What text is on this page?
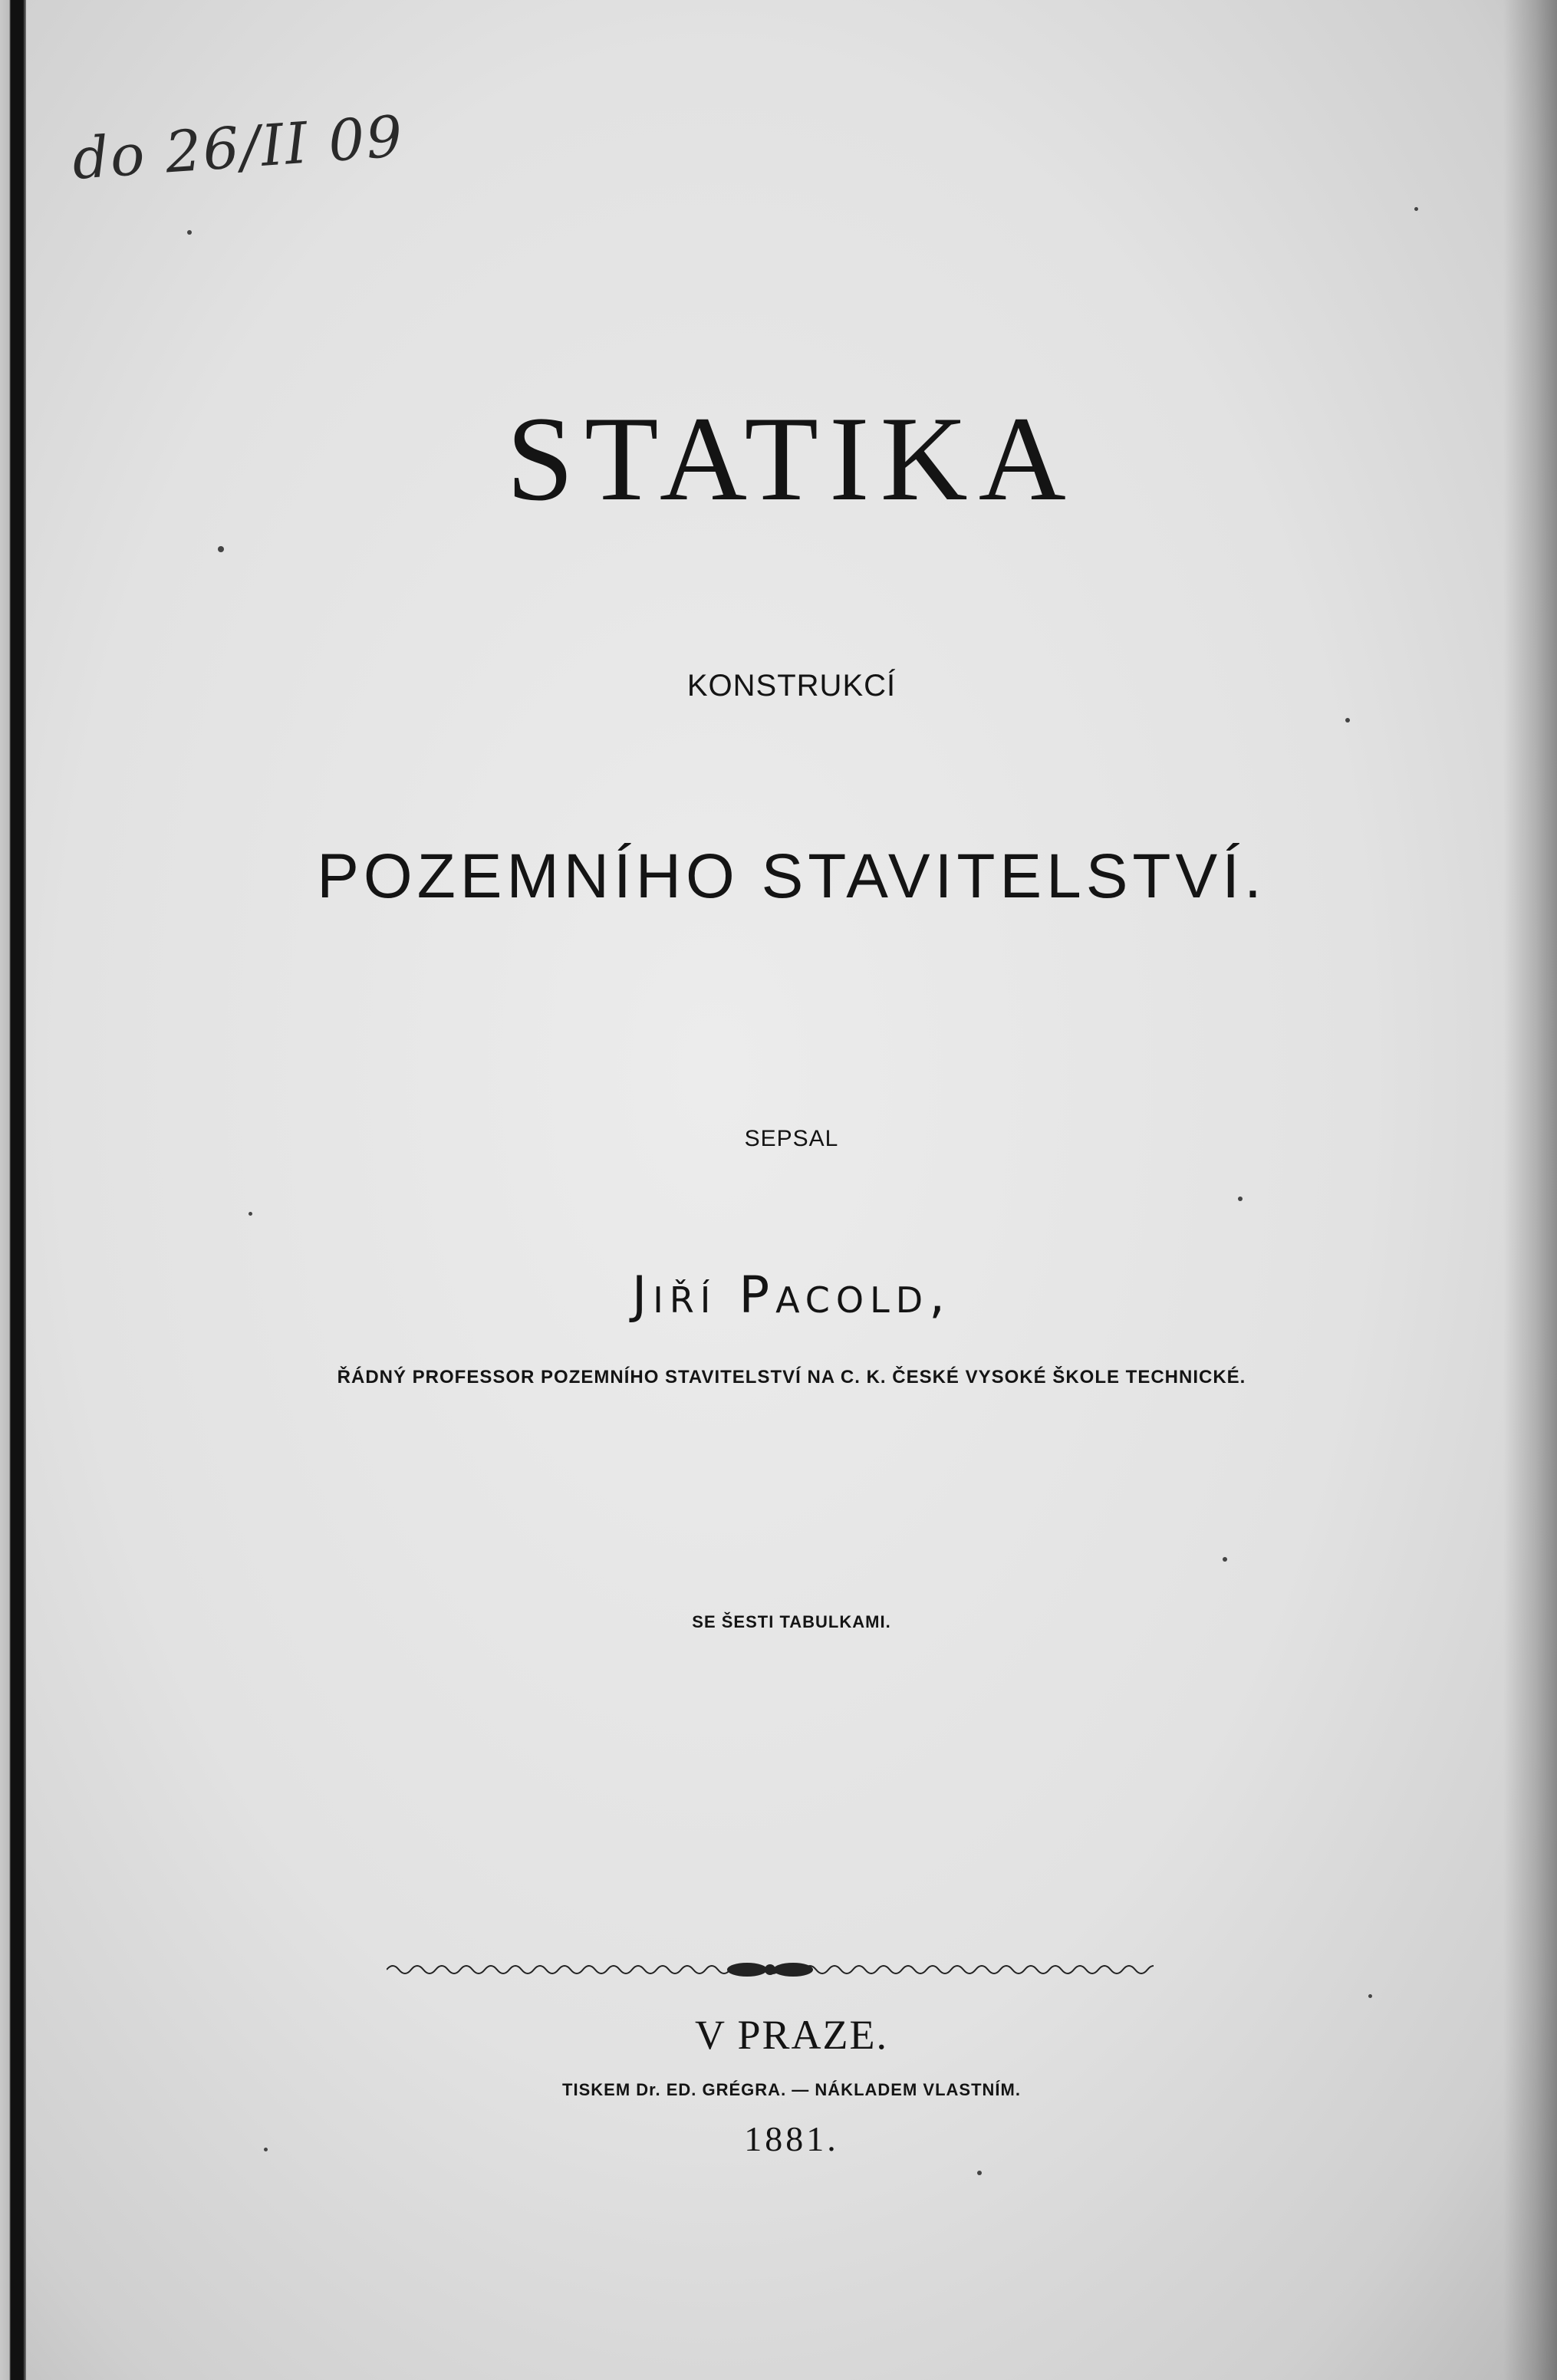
do 26/II 09
STATIKA
KONSTRUKCÍ
POZEMNÍHO STAVITELSTVÍ.
SEPSAL
Jiří Pacold,
ŘÁDNÝ PROFESSOR POZEMNÍHO STAVITELSTVÍ NA C. K. ČESKÉ VYSOKÉ ŠKOLE TECHNICKÉ.
SE ŠESTI TABULKAMI.
V PRAZE.
TISKEM Dr. ED. GRÉGRA. — NÁKLADEM VLASTNÍM.
1881.
